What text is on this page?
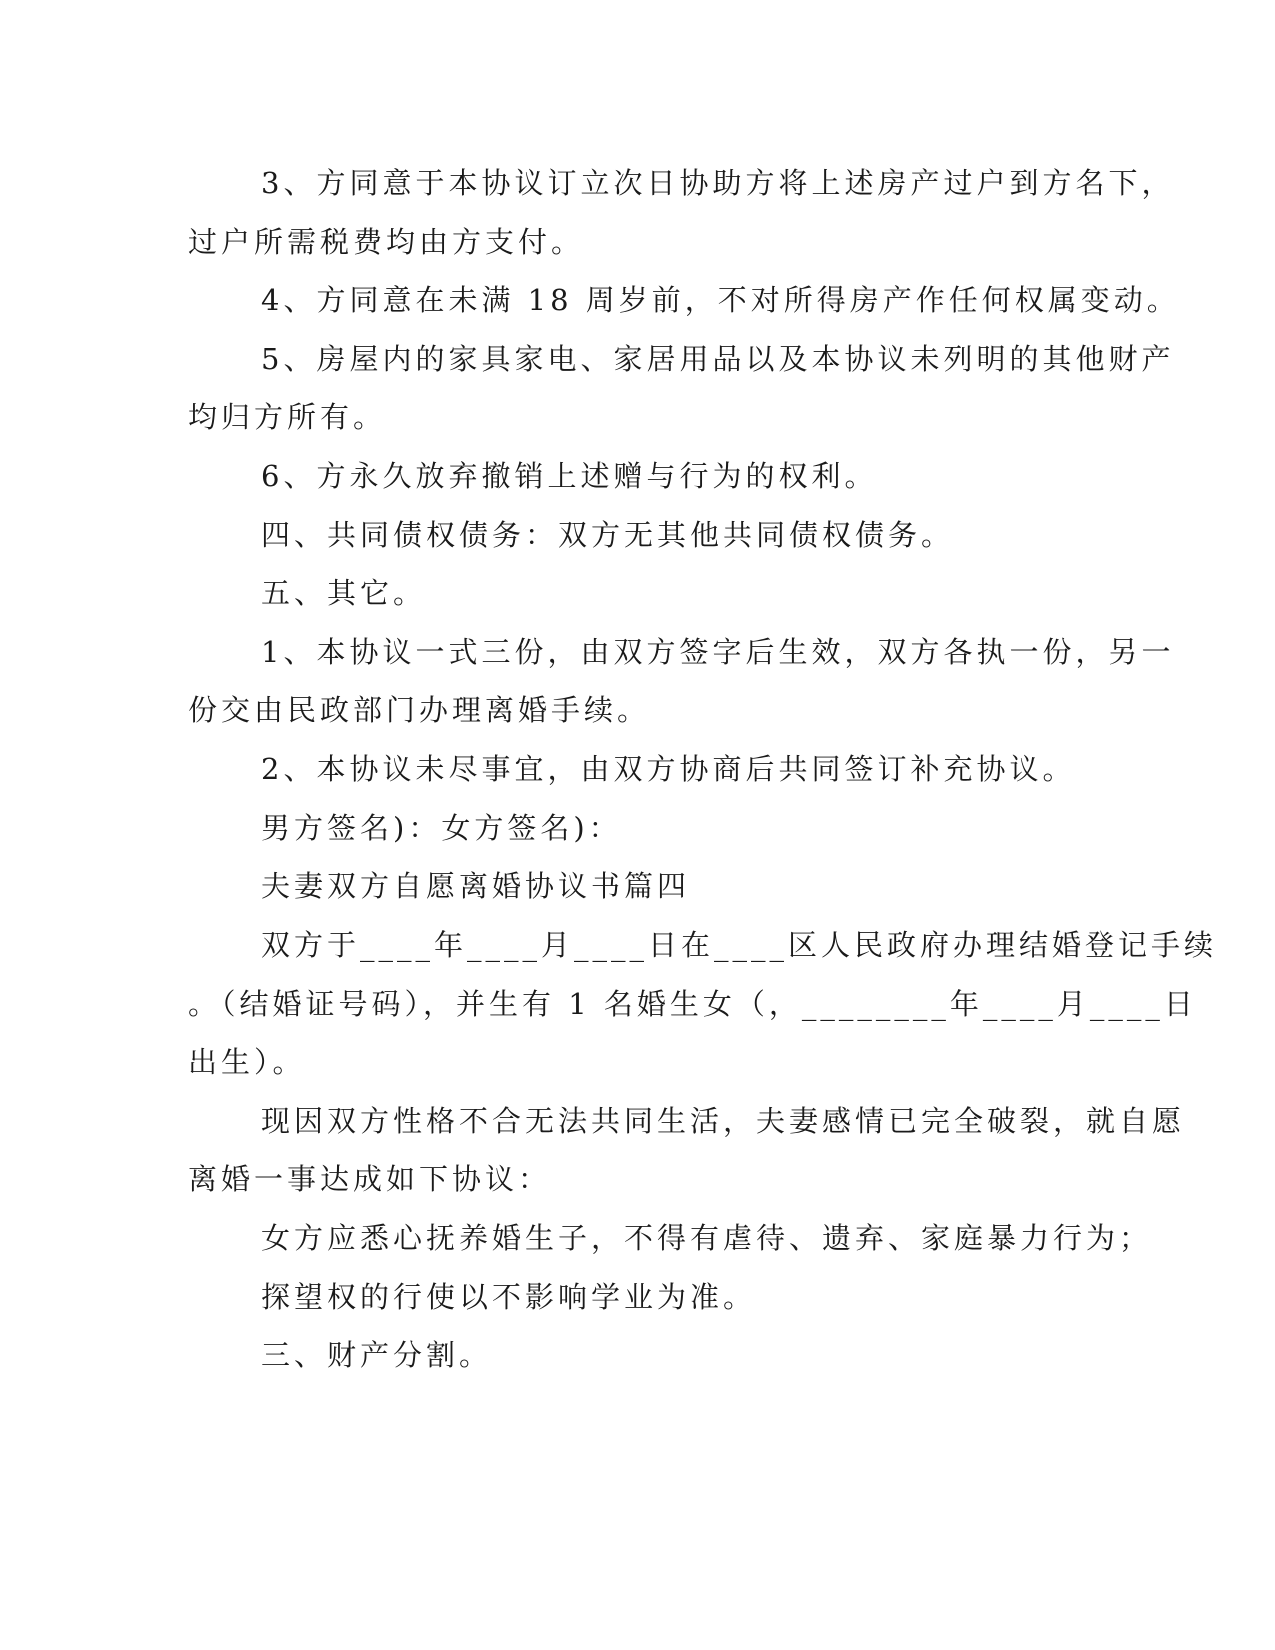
3、方同意于本协议订立次日协助方将上述房产过户到方名下，
过户所需税费均由方支付。
4、方同意在未满 18 周岁前，不对所得房产作任何权属变动。
5、房屋内的家具家电、家居用品以及本协议未列明的其他财产
均归方所有。
6、方永久放弃撤销上述赠与行为的权利。
四、共同债权债务：双方无其他共同债权债务。
五、其它。
1、本协议一式三份，由双方签字后生效，双方各执一份，另一
份交由民政部门办理离婚手续。
2、本协议未尽事宜，由双方协商后共同签订补充协议。
男方签名)：女方签名)：
夫妻双方自愿离婚协议书篇四
双方于____年____月____日在____区人民政府办理结婚登记手续
。（结婚证号码），并生有 1 名婚生女（，________年____月____日
出生）。
现因双方性格不合无法共同生活，夫妻感情已完全破裂，就自愿
离婚一事达成如下协议：
女方应悉心抚养婚生子，不得有虐待、遗弃、家庭暴力行为；
探望权的行使以不影响学业为准。
三、财产分割。
